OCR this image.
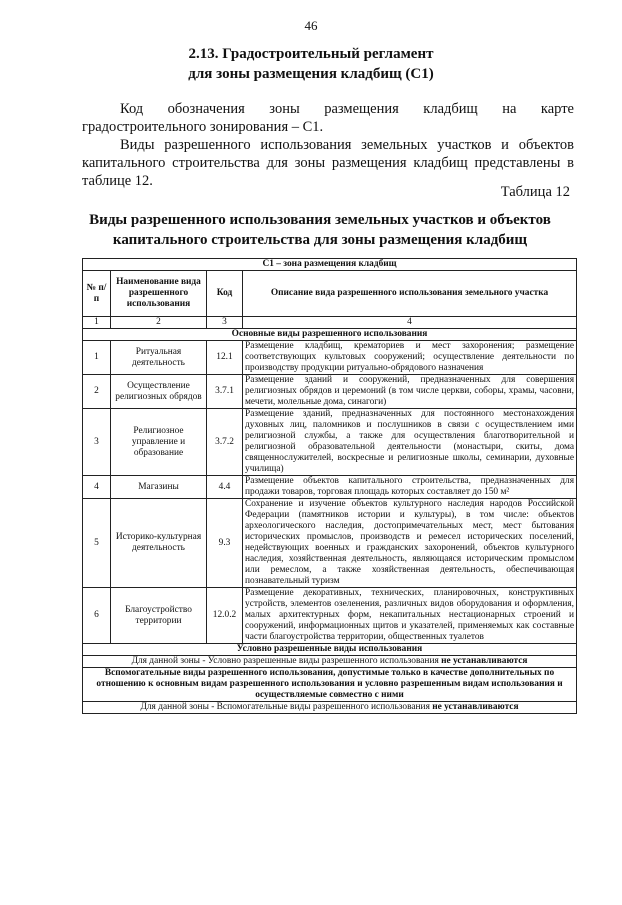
46
2.13. Градостроительный регламент
для зоны размещения кладбищ (С1)
Код обозначения зоны размещения кладбищ на карте градостроительного зонирования – С1.
Виды разрешенного использования земельных участков и объектов капитального строительства для зоны размещения кладбищ представлены в таблице 12.
Таблица 12
Виды разрешенного использования земельных участков и объектов
капитального строительства для зоны размещения кладбищ
С1 – зона размещения кладбищ			
№ п/п	Наименование вида разрешенного использования	Код	Описание вида разрешенного использования земельного участка
1	2	3	4
Основные виды разрешенного использования			
1	Ритуальная деятельность	12.1	Размещение кладбищ, крематориев и мест захоронения; размещение соответствующих культовых сооружений; осуществление деятельности по производству продукции ритуально-обрядового назначения
2	Осуществление религиозных обрядов	3.7.1	Размещение зданий и сооружений, предназначенных для совершения религиозных обрядов и церемоний (в том числе церкви, соборы, храмы, часовни, мечети, молельные дома, синагоги)
3	Религиозное управление и образование	3.7.2	Размещение зданий, предназначенных для постоянного местонахождения духовных лиц, паломников и послушников в связи с осуществлением ими религиозной службы, а также для осуществления благотворительной и религиозной образовательной деятельности (монастыри, скиты, дома священнослужителей, воскресные и религиозные школы, семинарии, духовные училища)
4	Магазины	4.4	Размещение объектов капитального строительства, предназначенных для продажи товаров, торговая площадь которых составляет до 150 м²
5	Историко-культурная деятельность	9.3	Сохранение и изучение объектов культурного наследия народов Российской Федерации (памятников истории и культуры), в том числе: объектов археологического наследия, достопримечательных мест, мест бытования исторических промыслов, производств и ремесел исторических поселений, недействующих военных и гражданских захоронений, объектов культурного наследия, хозяйственная деятельность, являющаяся историческим промыслом или ремеслом, а также хозяйственная деятельность, обеспечивающая познавательный туризм
6	Благоустройство территории	12.0.2	Размещение декоративных, технических, планировочных, конструктивных устройств, элементов озеленения, различных видов оборудования и оформления, малых архитектурных форм, некапитальных нестационарных строений и сооружений, информационных щитов и указателей, применяемых как составные части благоустройства территории, общественных туалетов
Условно разрешенные виды использования			
Для данной зоны - Условно разрешенные виды разрешенного использования не устанавливаются			
Вспомогательные виды разрешенного использования, допустимые только в качестве дополнительных по отношению к основным видам разрешенного использования и условно разрешенным видам использования и осуществляемые совместно с ними			
Для данной зоны - Вспомогательные виды разрешенного использования не устанавливаются			
